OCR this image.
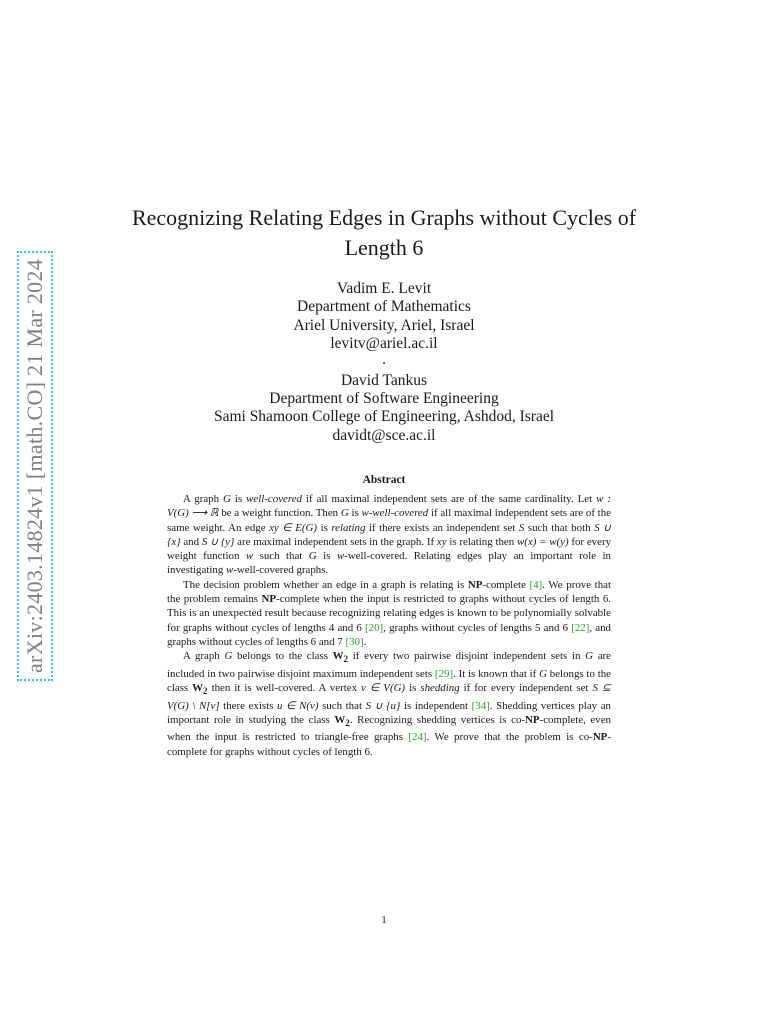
arXiv:2403.14824v1 [math.CO] 21 Mar 2024
Recognizing Relating Edges in Graphs without Cycles of
Length 6
Vadim E. Levit
Department of Mathematics
Ariel University, Ariel, Israel
levitv@ariel.ac.il
.
David Tankus
Department of Software Engineering
Sami Shamoon College of Engineering, Ashdod, Israel
davidt@sce.ac.il
Abstract

A graph G is well-covered if all maximal independent sets are of the same cardinality. Let w : V(G) ⟶ ℝ be a weight function. Then G is w-well-covered if all maximal independent sets are of the same weight. An edge xy ∈ E(G) is relating if there exists an independent set S such that both S ∪ {x} and S ∪ {y} are maximal independent sets in the graph. If xy is relating then w(x) = w(y) for every weight function w such that G is w-well-covered. Relating edges play an important role in investigating w-well-covered graphs.

The decision problem whether an edge in a graph is relating is NP-complete [4]. We prove that the problem remains NP-complete when the input is restricted to graphs without cycles of length 6. This is an unexpected result because recognizing relating edges is known to be polynomially solvable for graphs without cycles of lengths 4 and 6 [20], graphs without cycles of lengths 5 and 6 [22], and graphs without cycles of lengths 6 and 7 [30].

A graph G belongs to the class $W_2$ if every two pairwise disjoint independent sets in G are included in two pairwise disjoint maximum independent sets [29]. It is known that if G belongs to the class $W_2$ then it is well-covered. A vertex v ∈ V(G) is shedding if for every independent set S ⊆ V(G) \ N[v] there exists u ∈ N(v) such that S ∪ {u} is independent [34]. Shedding vertices play an important role in studying the class $W_2$. Recognizing shedding vertices is co-NP-complete, even when the input is restricted to triangle-free graphs [24]. We prove that the problem is co-NP-complete for graphs without cycles of length 6.

1
